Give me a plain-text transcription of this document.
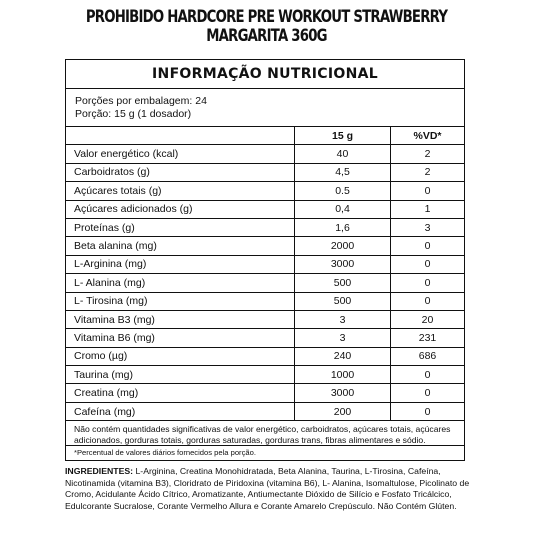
PROHIBIDO HARDCORE PRE WORKOUT STRAWBERRY
MARGARITA 360G
INFORMAÇÃO NUTRICIONAL
Porções por embalagem: 24
Porção: 15 g (1 dosador)
	15 g	%VD*
Valor energético (kcal)	40	2
Carboidratos (g)	4,5	2
Açúcares totais (g)	0.5	0
Açúcares adicionados (g)	0,4	1
Proteínas (g)	1,6	3
Beta alanina (mg)	2000	0
L-Arginina (mg)	3000	0
L- Alanina (mg)	500	0
L- Tirosina (mg)	500	0
Vitamina B3 (mg)	3	20
Vitamina B6 (mg)	3	231
Cromo (µg)	240	686
Taurina (mg)	1000	0
Creatina (mg)	3000	0
Cafeína (mg)	200	0
Não contém quantidades significativas de valor energético, carboidratos, açúcares totais, açúcares adicionados, gorduras totais, gorduras saturadas, gorduras trans, fibras alimentares e sódio.
*Percentual de valores diários fornecidos pela porção.
INGREDIENTES: L-Arginina, Creatina Monohidratada, Beta Alanina, Taurina, L-Tirosina, Cafeína, Nicotinamida (vitamina B3), Cloridrato de Piridoxina (vitamina B6), L- Alanina, Isomaltulose, Picolinato de Cromo, Acidulante Ácido Cítrico, Aromatizante, Antiumectante Dióxido de Silício e Fosfato Tricálcico, Edulcorante Sucralose, Corante Vermelho Allura e Corante Amarelo Crepúsculo. Não Contém Glúten.
